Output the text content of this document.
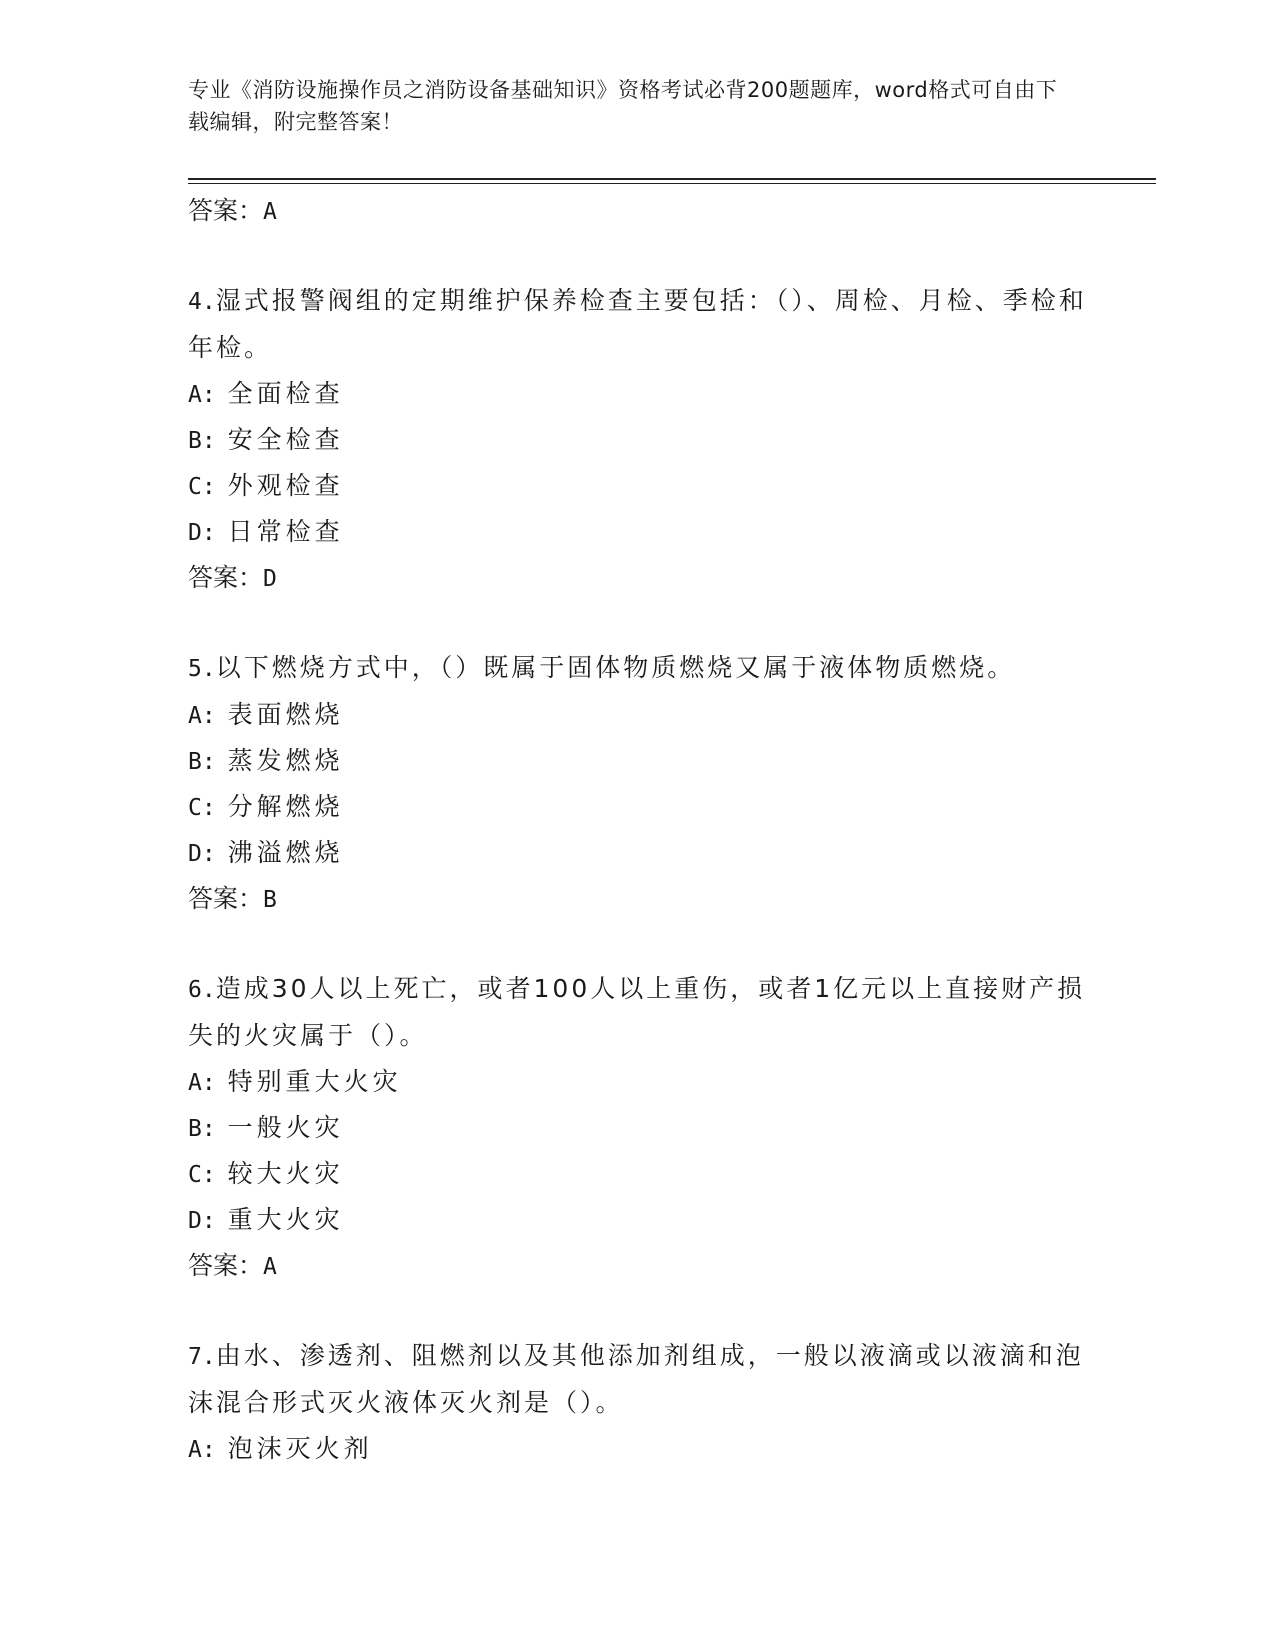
专业《消防设施操作员之消防设备基础知识》资格考试必背200题题库，word格式可自由下载编辑，附完整答案！
答案：A
4.湿式报警阀组的定期维护保养检查主要包括：（）、周检、月检、季检和年检。
A: 全面检查
B: 安全检查
C: 外观检查
D: 日常检查
答案：D
5.以下燃烧方式中，（）既属于固体物质燃烧又属于液体物质燃烧。
A: 表面燃烧
B: 蒸发燃烧
C: 分解燃烧
D: 沸溢燃烧
答案：B
6.造成30人以上死亡，或者100人以上重伤，或者1亿元以上直接财产损失的火灾属于（）。
A: 特别重大火灾
B: 一般火灾
C: 较大火灾
D: 重大火灾
答案：A
7.由水、渗透剂、阻燃剂以及其他添加剂组成，一般以液滴或以液滴和泡沫混合形式灭火液体灭火剂是（）。
A: 泡沫灭火剂
